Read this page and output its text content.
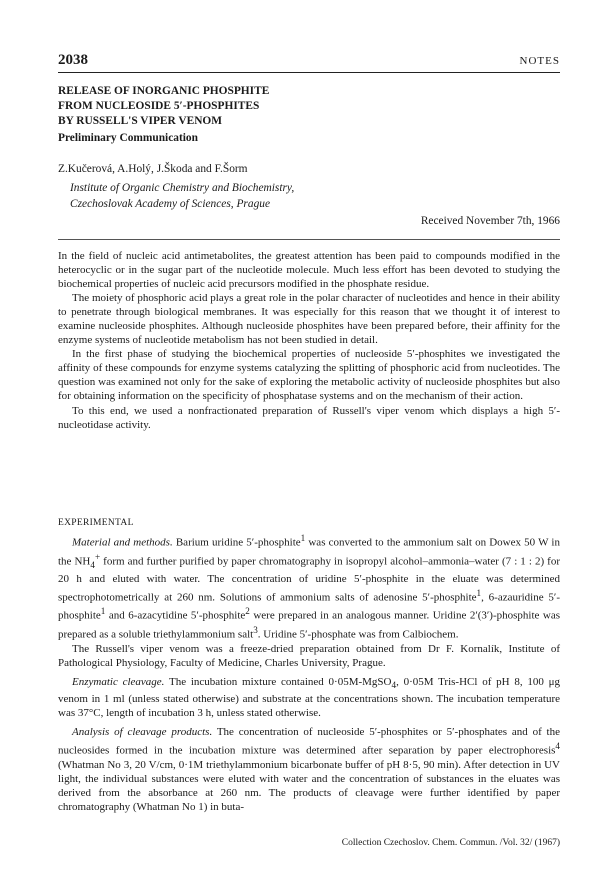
2038	NOTES
RELEASE OF INORGANIC PHOSPHITE
FROM NUCLEOSIDE 5′-PHOSPHITES
BY RUSSELL'S VIPER VENOM
Preliminary Communication
Z.Kučerová, A.Holý, J.Škoda and F.Šorm
Institute of Organic Chemistry and Biochemistry,
Czechoslovak Academy of Sciences, Prague
Received November 7th, 1966

In the field of nucleic acid antimetabolites, the greatest attention has been paid to compounds modified in the heterocyclic or in the sugar part of the nucleotide molecule. Much less effort has been devoted to studying the biochemical properties of nucleic acid precursors modified in the phosphate residue.

The moiety of phosphoric acid plays a great role in the polar character of nucleotides and hence in their ability to penetrate through biological membranes. It was especially for this reason that we thought it of interest to examine nucleoside phosphites. Although nucleoside phosphites have been prepared before, their affinity for the enzyme systems of nucleotide metabolism has not been studied in detail.

In the first phase of studying the biochemical properties of nucleoside 5′-phosphites we investigated the affinity of these compounds for enzyme systems catalyzing the splitting of phosphoric acid from nucleotides. The question was examined not only for the sake of exploring the metabolic activity of nucleoside phosphites but also for obtaining information on the specificity of phosphatase systems and on the mechanism of their action.

To this end, we used a nonfractionated preparation of Russell's viper venom which displays a high 5′-nucleotidase activity.

EXPERIMENTAL

Material and methods. Barium uridine 5′-phosphite$^1$ was converted to the ammonium salt on Dowex 50 W in the $NH_4^+$ form and further purified by paper chromatography in isopropyl alcohol–ammonia–water (7 : 1 : 2) for 20 h and eluted with water. The concentration of uridine 5′-phosphite in the eluate was determined spectrophotometrically at 260 nm. Solutions of ammonium salts of adenosine 5′-phosphite$^1$, 6-azauridine 5′-phosphite$^1$ and 6-azacytidine 5′-phosphite$^2$ were prepared in an analogous manner. Uridine 2′(3′)-phosphite was prepared as a soluble triethylammonium salt$^3$. Uridine 5′-phosphate was from Calbiochem.

The Russell's viper venom was a freeze-dried preparation obtained from Dr F. Kornalík, Institute of Pathological Physiology, Faculty of Medicine, Charles University, Prague.

Enzymatic cleavage. The incubation mixture contained 0·05M-MgSO$_4$, 0·05M Tris-HCl of pH 8, 100 μg venom in 1 ml (unless stated otherwise) and substrate at the concentrations shown. The incubation temperature was 37°C, length of incubation 3 h, unless stated otherwise.

Analysis of cleavage products. The concentration of nucleoside 5′-phosphites or 5′-phosphates and of the nucleosides formed in the incubation mixture was determined after separation by paper electrophoresis$^4$ (Whatman No 3, 20 V/cm, 0·1M triethylammonium bicarbonate buffer of pH 8·5, 90 min). After detection in UV light, the individual substances were eluted with water and the concentration of substances in the eluates was derived from the absorbance at 260 nm. The products of cleavage were further identified by paper chromatography (Whatman No 1) in buta-

Collection Czechoslov. Chem. Commun. /Vol. 32/ (1967)
